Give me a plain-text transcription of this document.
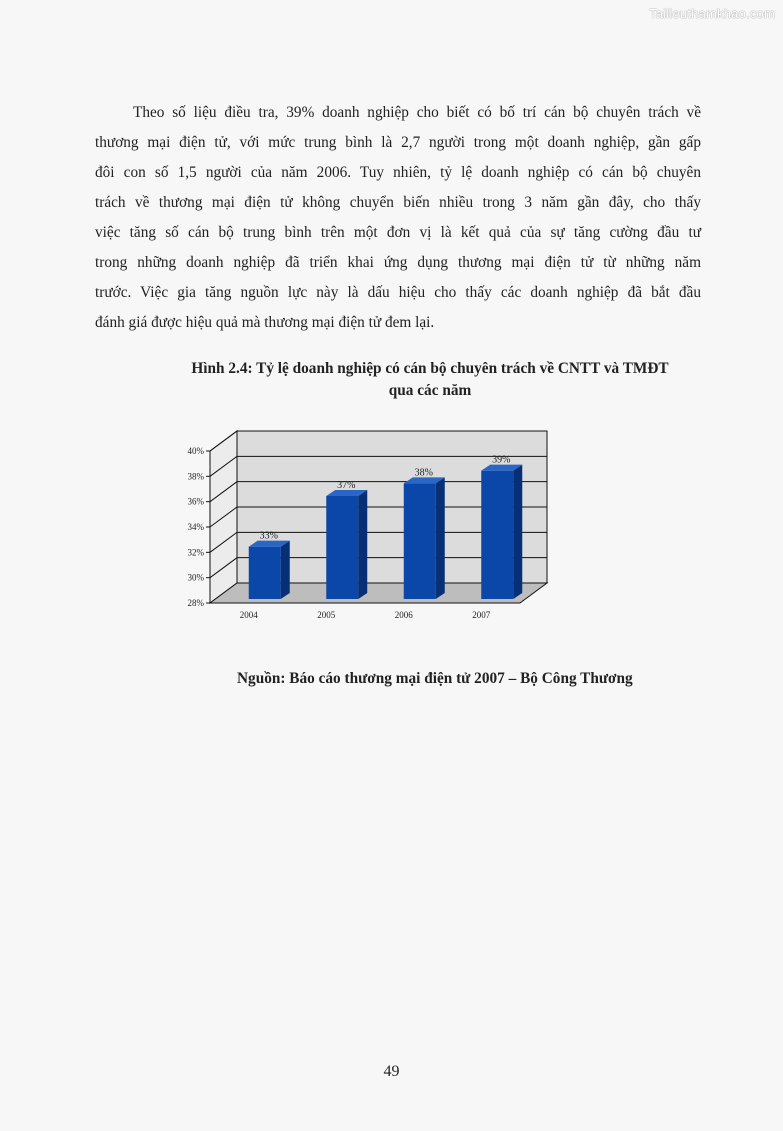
Tailieuthamkhao.com
Theo số liệu điều tra, 39% doanh nghiệp cho biết có bố trí cán bộ chuyên trách về
thương mại điện tử, với mức trung bình là 2,7 người trong một doanh nghiệp, gần gấp
đôi con số 1,5 người của năm 2006. Tuy nhiên, tỷ lệ doanh nghiệp có cán bộ chuyên
trách về thương mại điện tử không chuyển biến nhiều trong 3 năm gần đây, cho thấy
việc tăng số cán bộ trung bình trên một đơn vị là kết quả của sự tăng cường đầu tư
trong những doanh nghiệp đã triển khai ứng dụng thương mại điện tử từ những năm
trước. Việc gia tăng nguồn lực này là dấu hiệu cho thấy các doanh nghiệp đã bắt đầu
đánh giá được hiệu quả mà thương mại điện tử đem lại.
Hình 2.4: Tỷ lệ doanh nghiệp có cán bộ chuyên trách về CNTT và TMĐT
qua các năm
28%
30%
32%
34%
36%
38%
40%
33%
2004
37%
2005
38%
2006
39%
2007
Nguồn: Báo cáo thương mại điện tử 2007 – Bộ Công Thương
49
